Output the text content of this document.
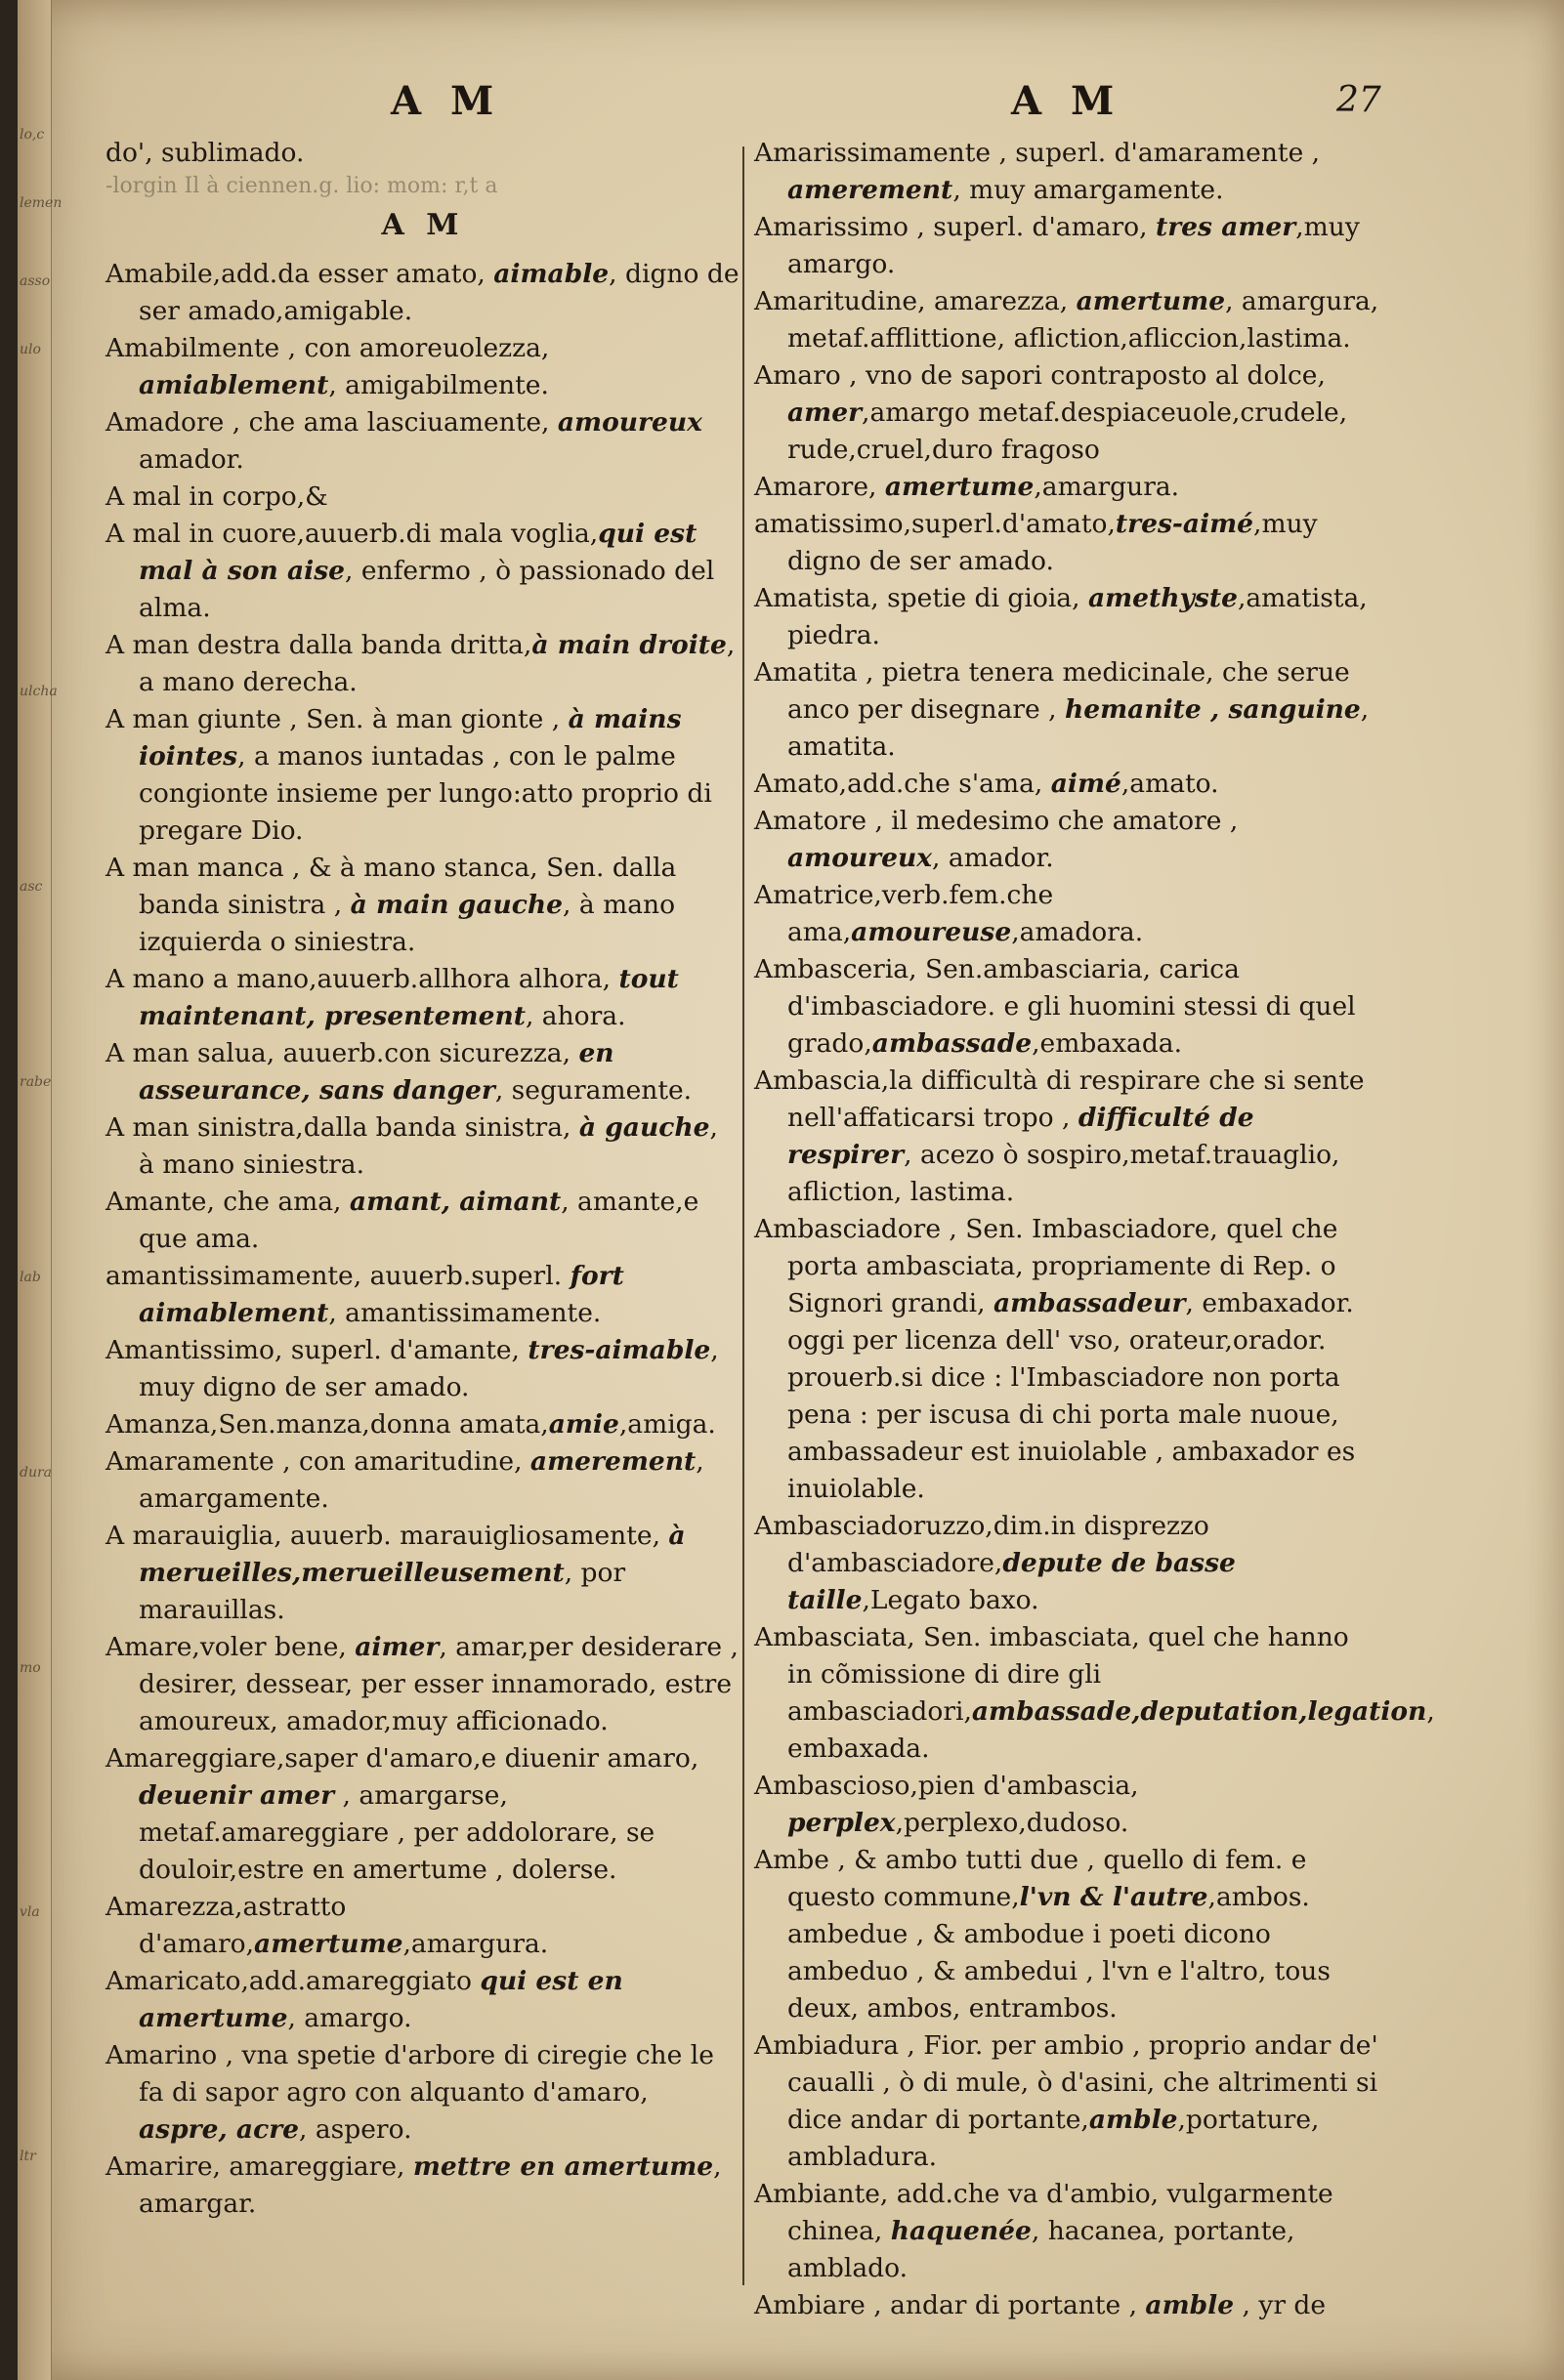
lo,c
lemen
asso
ulo
ulcha
asc
rabe
lab
dura
mo
vla
ltr
A M	A M	27

do', sublimado.

-lorgin Il à ciennen.g. lio: mom: r,t a

A M

Amabile,add.da esser amato, aimable, digno de ser amado,amigable.

Amabilmente , con amoreuolezza, amiablement, amigabilmente.

Amadore , che ama lasciuamente, amoureux amador.

A mal in corpo,&

A mal in cuore,auuerb.di mala voglia,qui est mal à son aise, enfermo , ò passionado del alma.

A man destra dalla banda dritta,à main droite, a mano derecha.

A man giunte , Sen. à man gionte , à mains iointes, a manos iuntadas , con le palme congionte insieme per lungo:atto proprio di pregare Dio.

A man manca , & à mano stanca, Sen. dalla banda sinistra , à main gauche, à mano izquierda o siniestra.

A mano a mano,auuerb.allhora alhora, tout maintenant, presentement, ahora.

A man salua, auuerb.con sicurezza, en asseurance, sans danger, seguramente.

A man sinistra,dalla banda sinistra, à gauche, à mano siniestra.

Amante, che ama, amant, aimant, amante,e que ama.

amantissimamente, auuerb.superl. fort aimablement, amantissimamente.

Amantissimo, superl. d'amante, tres-aimable, muy digno de ser amado.

Amanza,Sen.manza,donna amata,amie,amiga.

Amaramente , con amaritudine, amerement, amargamente.

A marauiglia, auuerb. marauigliosamente, à merueilles,merueilleusement, por marauillas.

Amare,voler bene, aimer, amar,per desiderare , desirer, dessear, per esser innamorado, estre amoureux, amador,muy afficionado.

Amareggiare,saper d'amaro,e diuenir amaro, deuenir amer , amargarse, metaf.amareggiare , per addolorare, se douloir,estre en amertume , dolerse.

Amarezza,astratto d'amaro,amertume,amargura.

Amaricato,add.amareggiato qui est en amertume, amargo.

Amarino , vna spetie d'arbore di ciregie che le fa di sapor agro con alquanto d'amaro, aspre, acre, aspero.

Amarire, amareggiare, mettre en amertume, amargar.

Amarissimamente , superl. d'amaramente , amerement, muy amargamente.

Amarissimo , superl. d'amaro, tres amer,muy amargo.

Amaritudine, amarezza, amertume, amargura, metaf.afflittione, afliction,afliccion,lastima.

Amaro , vno de sapori contraposto al dolce, amer,amargo metaf.despiaceuole,crudele, rude,cruel,duro fragoso

Amarore, amertume,amargura.

amatissimo,superl.d'amato,tres-aimé,muy digno de ser amado.

Amatista, spetie di gioia, amethyste,amatista, piedra.

Amatita , pietra tenera medicinale, che serue anco per disegnare , hemanite , sanguine, amatita.

Amato,add.che s'ama, aimé,amato.

Amatore , il medesimo che amatore , amoureux, amador.

Amatrice,verb.fem.che ama,amoureuse,amadora.

Ambasceria, Sen.ambasciaria, carica d'imbasciadore. e gli huomini stessi di quel grado,ambassade,embaxada.

Ambascia,la difficultà di respirare che si sente nell'affaticarsi tropo , difficulté de respirer, acezo ò sospiro,metaf.trauaglio, afliction, lastima.

Ambasciadore , Sen. Imbasciadore, quel che porta ambasciata, propriamente di Rep. o Signori grandi, ambassadeur, embaxador. oggi per licenza dell' vso, orateur,orador. prouerb.si dice : l'Imbasciadore non porta pena : per iscusa di chi porta male nuoue, ambassadeur est inuiolable , ambaxador es inuiolable.

Ambasciadoruzzo,dim.in disprezzo d'ambasciadore,depute de basse taille,Legato baxo.

Ambasciata, Sen. imbasciata, quel che hanno in cõmissione di dire gli ambasciadori,ambassade,deputation,legation, embaxada.

Ambascioso,pien d'ambascia, perplex,perplexo,dudoso.

Ambe , & ambo tutti due , quello di fem. e questo commune,l'vn & l'autre,ambos. ambedue , & ambodue i poeti dicono ambeduo , & ambedui , l'vn e l'altro, tous deux, ambos, entrambos.

Ambiadura , Fior. per ambio , proprio andar de' caualli , ò di mule, ò d'asini, che altrimenti si dice andar di portante,amble,portature, ambladura.

Ambiante, add.che va d'ambio, vulgarmente chinea, haquenée, hacanea, portante, amblado.

Ambiare , andar di portante , amble , yr de
